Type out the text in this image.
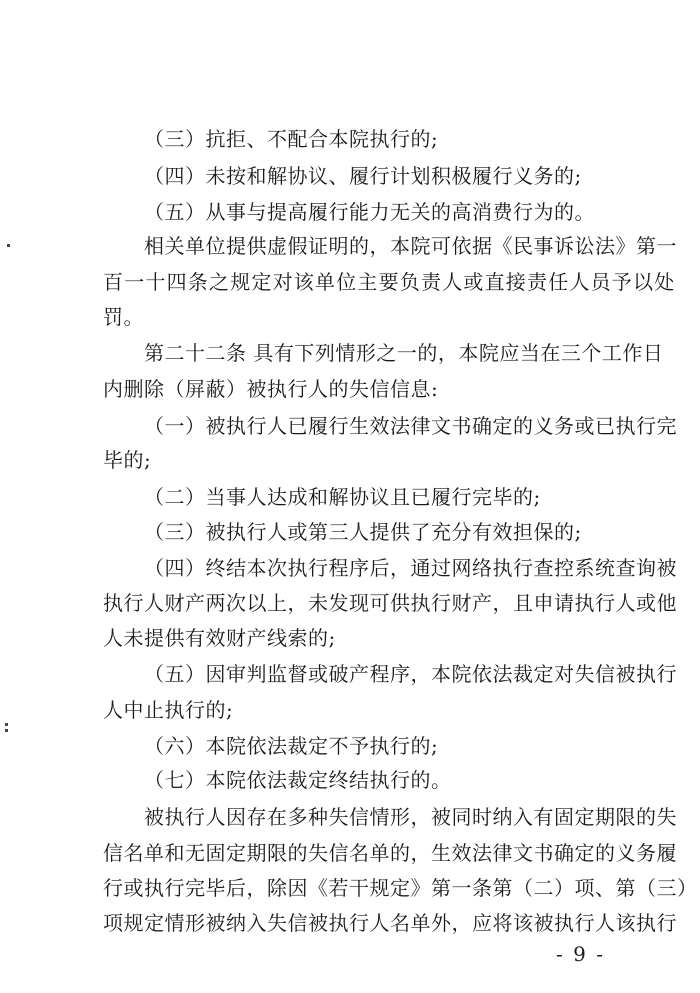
（三）抗拒、不配合本院执行的;
（四）未按和解协议、履行计划积极履行义务的;
（五）从事与提高履行能力无关的高消费行为的。
相关单位提供虚假证明的，本院可依据《民事诉讼法》第一
百一十四条之规定对该单位主要负责人或直接责任人员予以处
罚。
第二十二条 具有下列情形之一的，本院应当在三个工作日
内删除（屏蔽）被执行人的失信信息:
（一）被执行人已履行生效法律文书确定的义务或已执行完
毕的;
（二）当事人达成和解协议且已履行完毕的;
（三）被执行人或第三人提供了充分有效担保的;
（四）终结本次执行程序后，通过网络执行查控系统查询被
执行人财产两次以上，未发现可供执行财产，且申请执行人或他
人未提供有效财产线索的;
（五）因审判监督或破产程序，本院依法裁定对失信被执行
人中止执行的;
（六）本院依法裁定不予执行的;
（七）本院依法裁定终结执行的。
被执行人因存在多种失信情形，被同时纳入有固定期限的失
信名单和无固定期限的失信名单的，生效法律文书确定的义务履
行或执行完毕后，除因《若干规定》第一条第（二）项、第（三）
项规定情形被纳入失信被执行人名单外，应将该被执行人该执行
- 9 -
